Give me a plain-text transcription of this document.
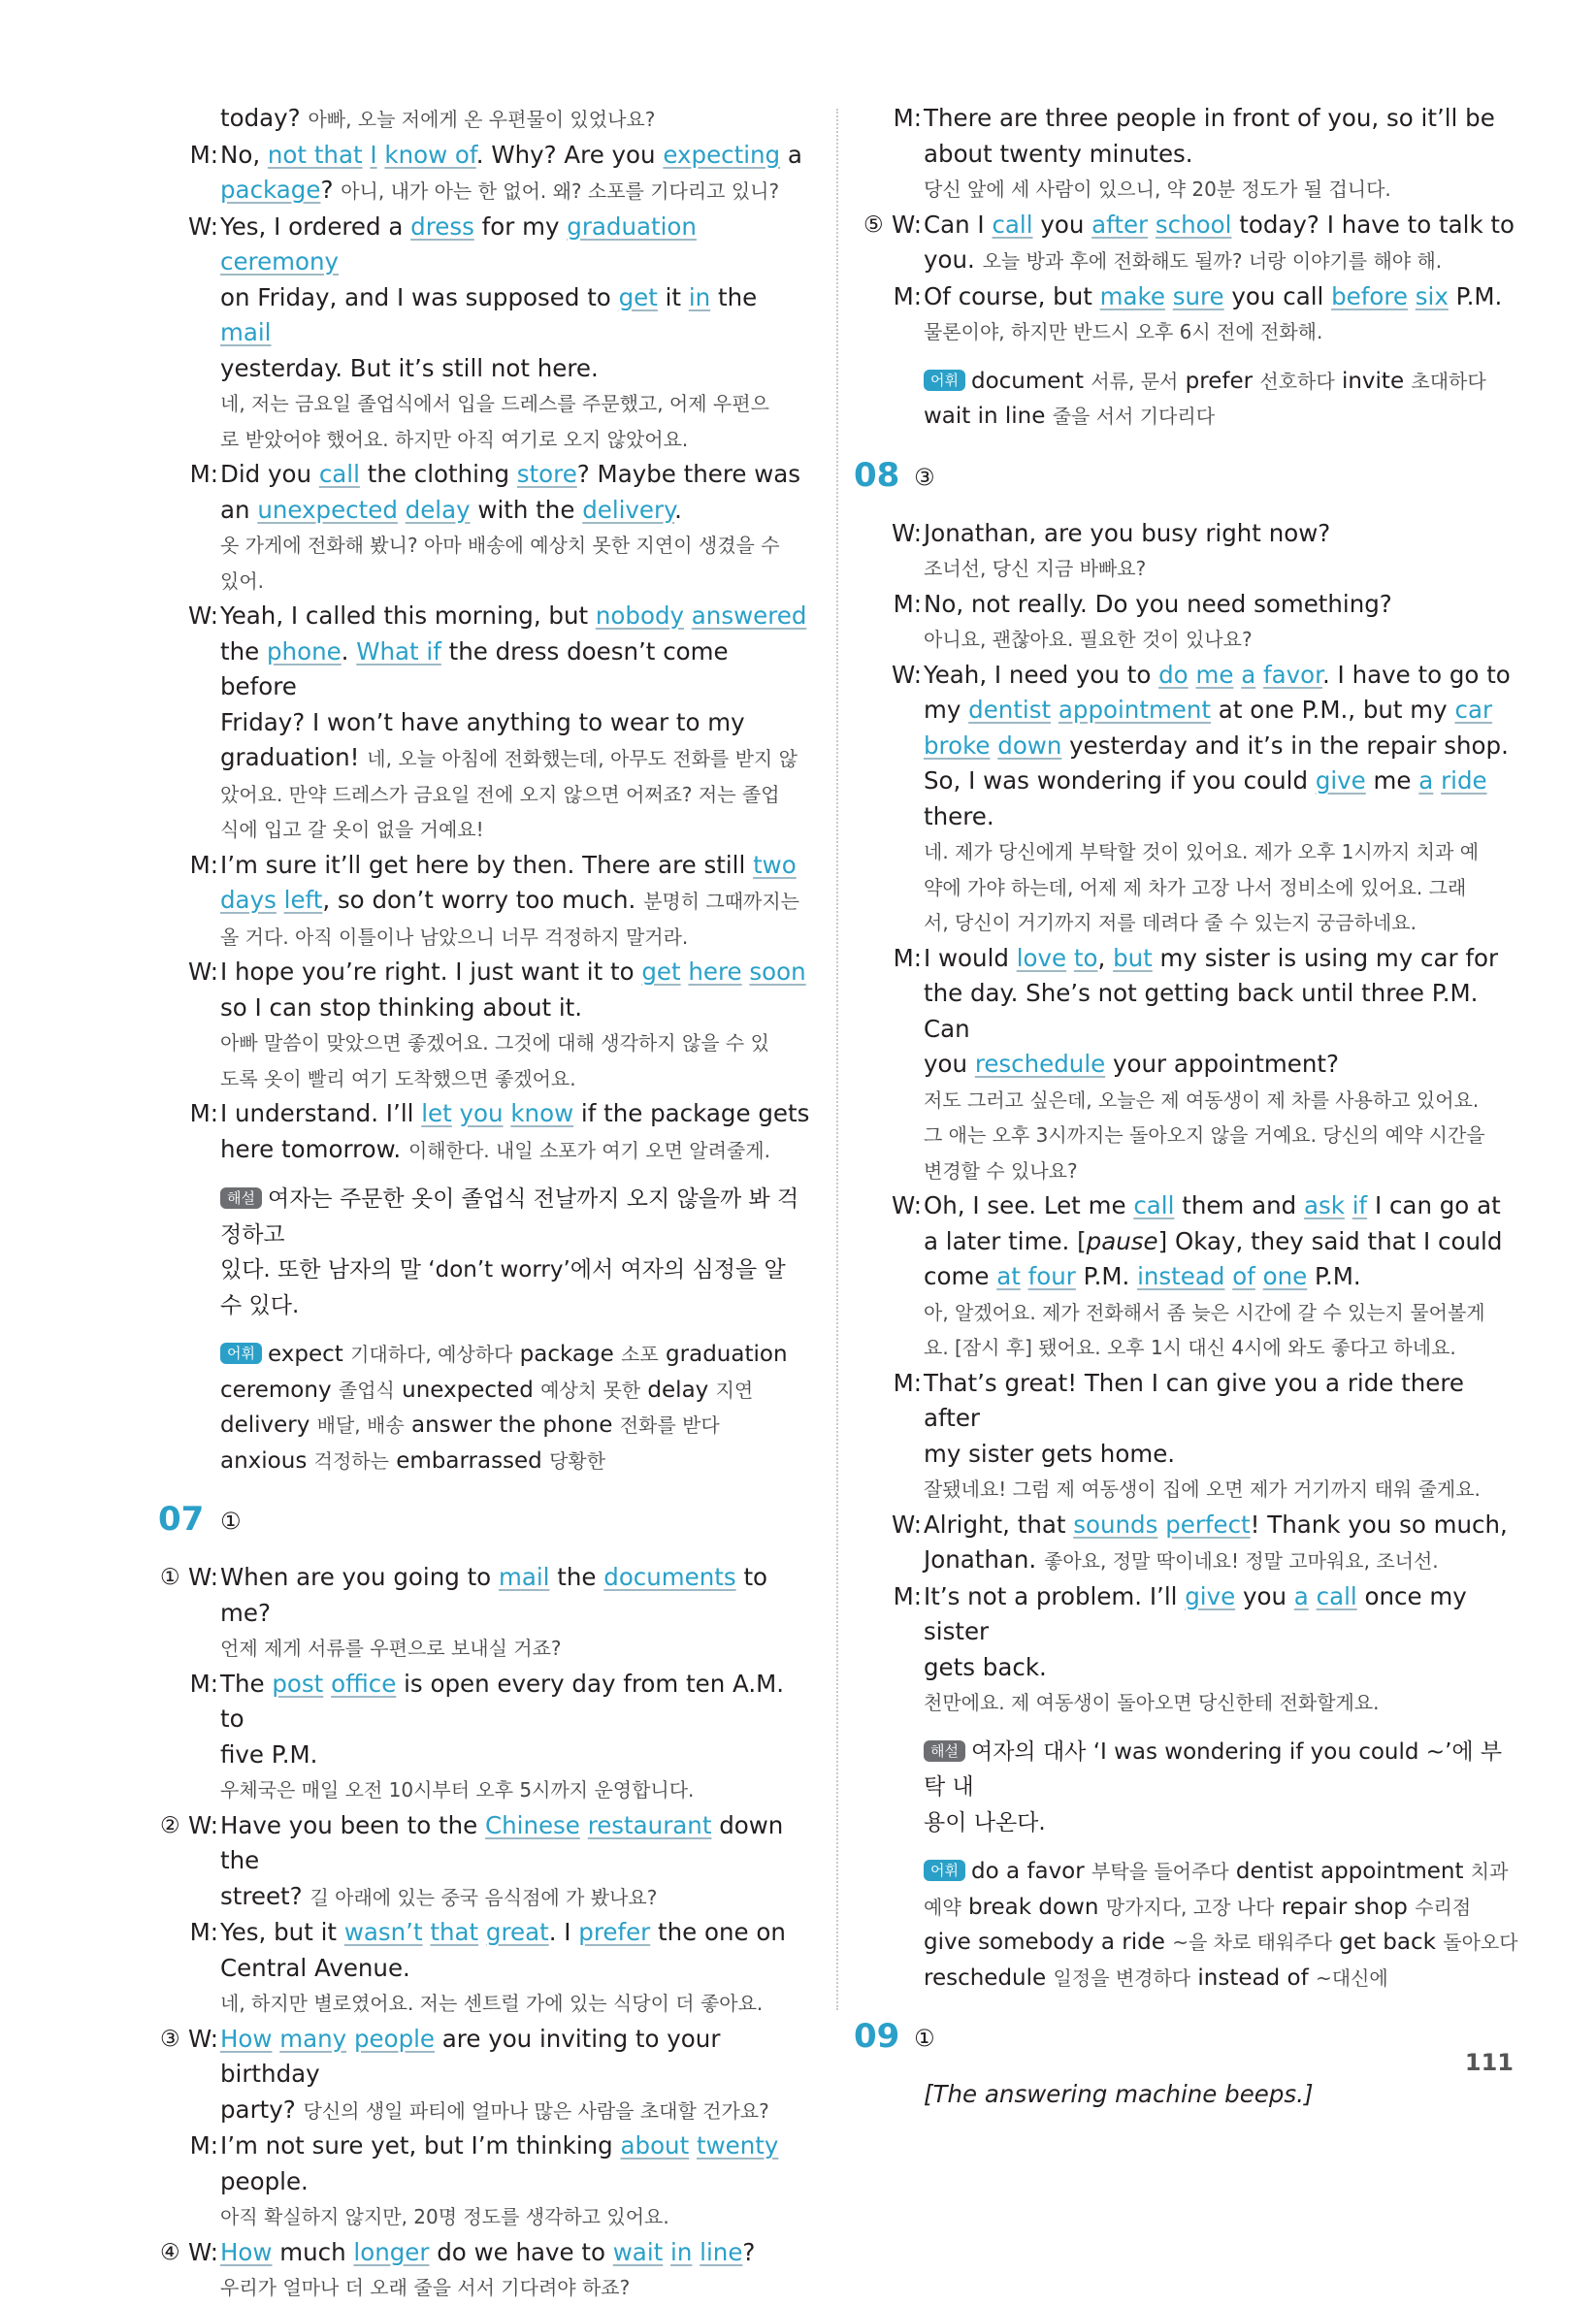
today? 아빠, 오늘 저에게 온 우편물이 있었나요?
M: No, not that I know of. Why? Are you expecting a
package? 아니, 내가 아는 한 없어. 왜? 소포를 기다리고 있니?
W: Yes, I ordered a dress for my graduation ceremony
on Friday, and I was supposed to get it in the mail
yesterday. But it’s still not here.
네, 저는 금요일 졸업식에서 입을 드레스를 주문했고, 어제 우편으
로 받았어야 했어요. 하지만 아직 여기로 오지 않았어요.
M: Did you call the clothing store? Maybe there was
an unexpected delay with the delivery.
옷 가게에 전화해 봤니? 아마 배송에 예상치 못한 지연이 생겼을 수
있어.
W: Yeah, I called this morning, but nobody answered
the phone. What if the dress doesn’t come before
Friday? I won’t have anything to wear to my
graduation! 네, 오늘 아침에 전화했는데, 아무도 전화를 받지 않
았어요. 만약 드레스가 금요일 전에 오지 않으면 어쩌죠? 저는 졸업
식에 입고 갈 옷이 없을 거예요!
M: I’m sure it’ll get here by then. There are still two
days left, so don’t worry too much. 분명히 그때까지는
올 거다. 아직 이틀이나 남았으니 너무 걱정하지 말거라.
W: I hope you’re right. I just want it to get here soon
so I can stop thinking about it.
아빠 말씀이 맞았으면 좋겠어요. 그것에 대해 생각하지 않을 수 있
도록 옷이 빨리 여기 도착했으면 좋겠어요.
M: I understand. I’ll let you know if the package gets
here tomorrow. 이해한다. 내일 소포가 여기 오면 알려줄게.
해설 여자는 주문한 옷이 졸업식 전날까지 오지 않을까 봐 걱정하고
있다. 또한 남자의 말 ‘don’t worry’에서 여자의 심정을 알 수 있다.
어휘 expect 기대하다, 예상하다 package 소포 graduation
ceremony 졸업식 unexpected 예상치 못한 delay 지연
delivery 배달, 배송 answer the phone 전화를 받다
anxious 걱정하는 embarrassed 당황한
07 ①
① W: When are you going to mail the documents to me?
언제 제게 서류를 우편으로 보내실 거죠?
M: The post office is open every day from ten A.M. to
five P.M.
우체국은 매일 오전 10시부터 오후 5시까지 운영합니다.
② W: Have you been to the Chinese restaurant down the
street? 길 아래에 있는 중국 음식점에 가 봤나요?
M: Yes, but it wasn’t that great. I prefer the one on
Central Avenue.
네, 하지만 별로였어요. 저는 센트럴 가에 있는 식당이 더 좋아요.
③ W: How many people are you inviting to your birthday
party? 당신의 생일 파티에 얼마나 많은 사람을 초대할 건가요?
M: I’m not sure yet, but I’m thinking about twenty
people.
아직 확실하지 않지만, 20명 정도를 생각하고 있어요.
④ W: How much longer do we have to wait in line?
우리가 얼마나 더 오래 줄을 서서 기다려야 하죠?
M: There are three people in front of you, so it’ll be
about twenty minutes.
당신 앞에 세 사람이 있으니, 약 20분 정도가 될 겁니다.
⑤ W: Can I call you after school today? I have to talk to
you. 오늘 방과 후에 전화해도 될까? 너랑 이야기를 해야 해.
M: Of course, but make sure you call before six P.M.
물론이야, 하지만 반드시 오후 6시 전에 전화해.
어휘 document 서류, 문서 prefer 선호하다 invite 초대하다
wait in line 줄을 서서 기다리다
08 ③
W: Jonathan, are you busy right now?
조너선, 당신 지금 바빠요?
M: No, not really. Do you need something?
아니요, 괜찮아요. 필요한 것이 있나요?
W: Yeah, I need you to do me a favor. I have to go to
my dentist appointment at one P.M., but my car
broke down yesterday and it’s in the repair shop.
So, I was wondering if you could give me a ride
there.
네. 제가 당신에게 부탁할 것이 있어요. 제가 오후 1시까지 치과 예
약에 가야 하는데, 어제 제 차가 고장 나서 정비소에 있어요. 그래
서, 당신이 거기까지 저를 데려다 줄 수 있는지 궁금하네요.
M: I would love to, but my sister is using my car for
the day. She’s not getting back until three P.M. Can
you reschedule your appointment?
저도 그러고 싶은데, 오늘은 제 여동생이 제 차를 사용하고 있어요.
그 애는 오후 3시까지는 돌아오지 않을 거예요. 당신의 예약 시간을
변경할 수 있나요?
W: Oh, I see. Let me call them and ask if I can go at
a later time. [pause] Okay, they said that I could
come at four P.M. instead of one P.M.
아, 알겠어요. 제가 전화해서 좀 늦은 시간에 갈 수 있는지 물어볼게
요. [잠시 후] 됐어요. 오후 1시 대신 4시에 와도 좋다고 하네요.
M: That’s great! Then I can give you a ride there after
my sister gets home.
잘됐네요! 그럼 제 여동생이 집에 오면 제가 거기까지 태워 줄게요.
W: Alright, that sounds perfect! Thank you so much,
Jonathan. 좋아요, 정말 딱이네요! 정말 고마워요, 조너선.
M: It’s not a problem. I’ll give you a call once my sister
gets back.
천만에요. 제 여동생이 돌아오면 당신한테 전화할게요.
해설 여자의 대사 ‘I was wondering if you could ~’에 부탁 내
용이 나온다.
어휘 do a favor 부탁을 들어주다 dentist appointment 치과
예약 break down 망가지다, 고장 나다 repair shop 수리점
give somebody a ride ~을 차로 태워주다 get back 돌아오다
reschedule 일정을 변경하다 instead of ~대신에
09 ①
[The answering machine beeps.]
111
